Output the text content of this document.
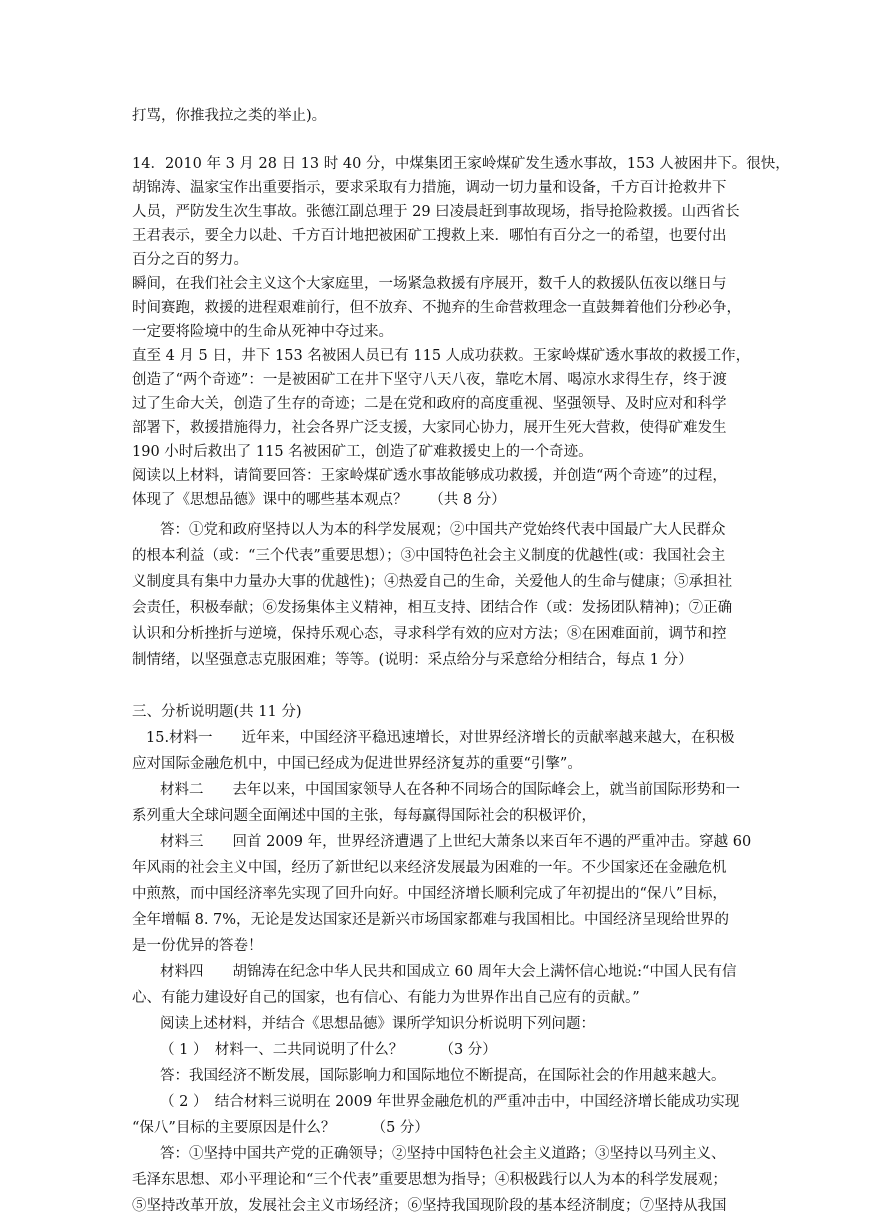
打骂，你推我拉之类的举止)。
14．2010 年 3 月 28 日 13 时 40 分，中煤集团王家岭煤矿发生透水事故，153 人被困井下。很快，
胡锦涛、温家宝作出重要指示，要求采取有力措施，调动一切力量和设备，千方百计抢救井下
人员，严防发生次生事故。张德江副总理于 29 曰凌晨赶到事故现场，指导抢险救援。山西省长
王君表示，要全力以赴、千方百计地把被困矿工搜救上来．哪怕有百分之一的希望，也要付出
百分之百的努力。
瞬间，在我们社会主义这个大家庭里，一场紧急救援有序展开，数千人的救援队伍夜以继日与
时间赛跑，救援的进程艰难前行，但不放弃、不抛弃的生命营救理念一直鼓舞着他们分秒必争，
一定要将险境中的生命从死神中夺过来。
直至 4 月 5 日，井下 153 名被困人员已有 115 人成功获救。王家岭煤矿透水事故的救援工作，
创造了“两个奇迹”：一是被困矿工在井下坚守八天八夜，靠吃木屑、喝凉水求得生存，终于渡
过了生命大关，创造了生存的奇迹；二是在党和政府的高度重视、坚强领导、及时应对和科学
部署下，救援措施得力，社会各界广泛支援，大家同心协力，展开生死大营救，使得矿难发生
190 小时后救出了 115 名被困矿工，创造了矿难救援史上的一个奇迹。
阅读以上材料，请简要回答：王家岭煤矿透水事故能够成功救援，并创造“两个奇迹”的过程，
体现了《思想品德》课中的哪些基本观点？　　（共 8 分）
答：①党和政府坚持以人为本的科学发展观；②中国共产党始终代表中国最广大人民群众
的根本利益（或：“三个代表”重要思想）；③中国特色社会主义制度的优越性(或：我国社会主
义制度具有集中力量办大事的优越性)；④热爱自己的生命，关爱他人的生命与健康；⑤承担社
会责任，积极奉献；⑥发扬集体主义精神，相互支持、团结合作（或：发扬团队精神)；⑦正确
认识和分析挫折与逆境，保持乐观心态，寻求科学有效的应对方法；⑧在困难面前，调节和控
制情绪，以坚强意志克服困难；等等。(说明：采点给分与采意给分相结合，每点 1 分）
三、分析说明题(共 11 分)
15.材料一　　近年来，中国经济平稳迅速增长，对世界经济增长的贡献率越来越大，在积极
应对国际金融危机中，中国已经成为促进世界经济复苏的重要“引擎”。
材料二　　去年以来，中国国家领导人在各种不同场合的国际峰会上，就当前国际形势和一
系列重大全球问题全面阐述中国的主张，每每赢得国际社会的积极评价，
材料三　　回首 2009 年，世界经济遭遇了上世纪大萧条以来百年不遇的严重冲击。穿越 60
年风雨的社会主义中国，经历了新世纪以来经济发展最为困难的一年。不少国家还在金融危机
中煎熬，而中国经济率先实现了回升向好。中国经济增长顺利完成了年初提出的“保八”目标，
全年增幅 8. 7%，无论是发达国家还是新兴市场国家都难与我国相比。中国经济呈现给世界的
是一份优异的答卷！
材料四　　胡锦涛在纪念中华人民共和国成立 60 周年大会上满怀信心地说:“中国人民有信
心、有能力建设好自己的国家，也有信心、有能力为世界作出自己应有的贡献。”
阅读上述材料，并结合《思想品德》课所学知识分析说明下列问题：
（ 1 ）　材料一、二共同说明了什么？　　　（3 分）
答：我国经济不断发展，国际影响力和国际地位不断提高，在国际社会的作用越来越大。
（ 2 ）　结合材料三说明在 2009 年世界金融危机的严重冲击中，中国经济增长能成功实现
“保八”目标的主要原因是什么？　　　（5 分）
答：①坚持中国共产党的正确领导；②坚持中国特色社会主义道路；③坚持以马列主义、
毛泽东思想、邓小平理论和“三个代表”重要思想为指导；④积极践行以人为本的科学发展观；
⑤坚持改革开放，发展社会主义市场经济；⑥坚持我国现阶段的基本经济制度；⑦坚持从我国
